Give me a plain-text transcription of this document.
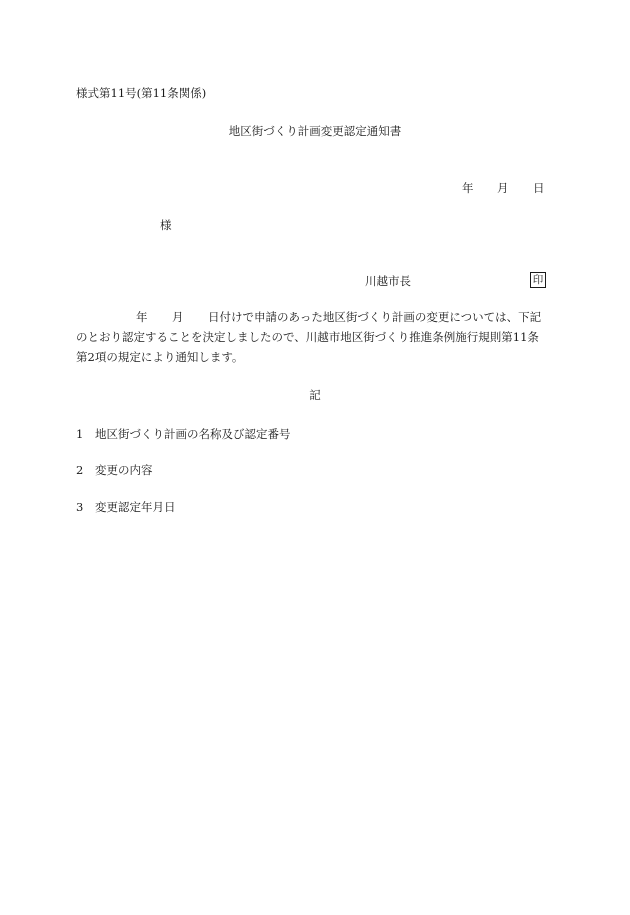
様式第11号(第11条関係)
地区街づくり計画変更認定通知書
年 月 日
様
川越市長	印
年 月 日付けで申請のあった地区街づくり計画の変更については、下記
のとおり認定することを決定しましたので、川越市地区街づくり推進条例施行規則第11条
第2項の規定により通知します。
記
1 地区街づくり計画の名称及び認定番号
2 変更の内容
3 変更認定年月日
